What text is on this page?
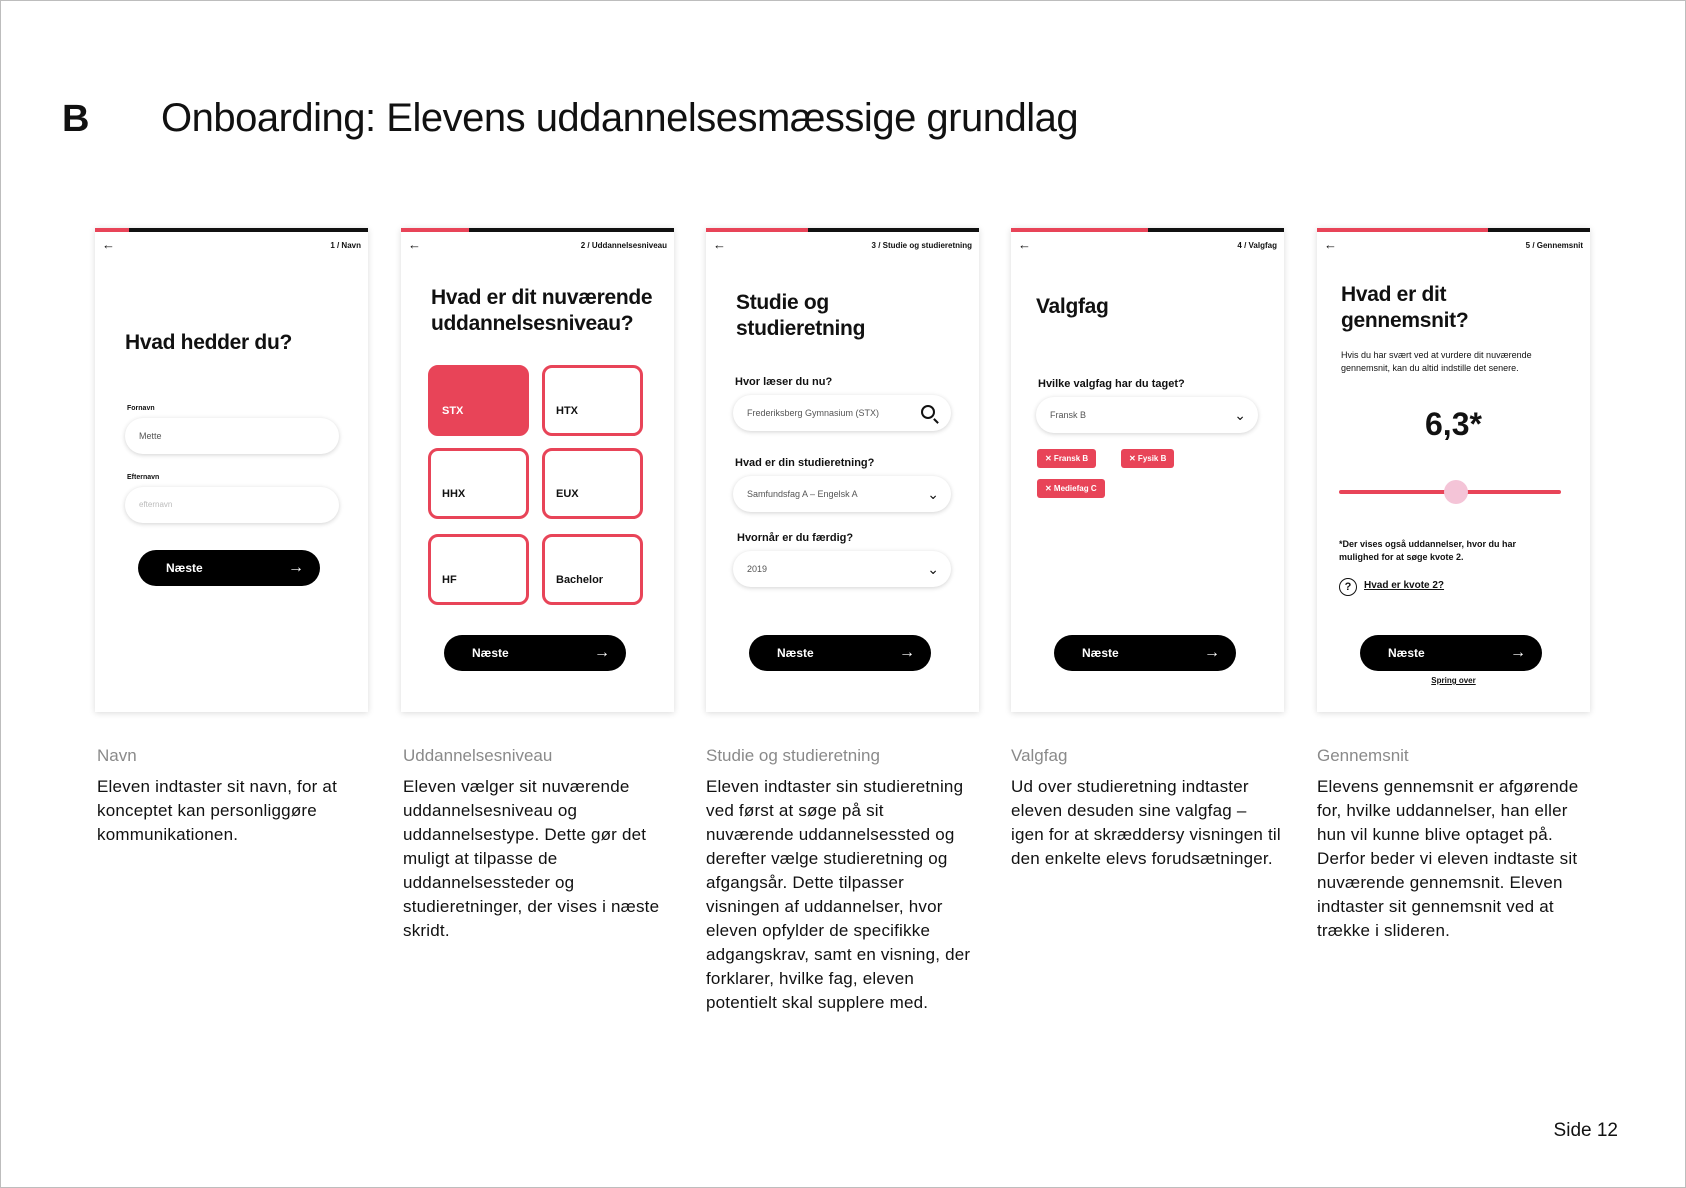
B Onboarding: Elevens uddannelsesmæssige grundlag
←	1 / Navn
Hvad hedder du?
Fornavn
Mette
Efternavn
efternavn
Næste	→
Navn
Eleven indtaster sit navn, for at konceptet kan personliggøre kommunikationen.
←	2 / Uddannelsesniveau
Hvad er dit nuværende
uddannelsesniveau?
STX	HTX
HHX	EUX
HF	Bachelor
Næste	→
Uddannelsesniveau
Eleven vælger sit nuværende uddannelsesniveau og uddannelsestype. Dette gør det muligt at tilpasse de uddannelsessteder og studieretninger, der vises i næste skridt.
←	3 / Studie og studieretning
Studie og
studieretning
Hvor læser du nu?
Frederiksberg Gymnasium (STX)
Hvad er din studieretning?
Samfundsfag A – Engelsk A	⌄
Hvornår er du færdig?
2019	⌄
Næste	→
Studie og studieretning
Eleven indtaster sin studieretning ved først at søge på sit nuværende uddannelsessted og derefter vælge studieretning og afgangsår. Dette tilpasser visningen af uddannelser, hvor eleven opfylder de specifikke adgangskrav, samt en visning, der forklarer, hvilke fag, eleven potentielt skal supplere med.
←	4 / Valgfag
Valgfag
Hvilke valgfag har du taget?
Fransk B	⌄
✕ Fransk B	✕ Fysik B
✕ Mediefag C
Næste	→
Valgfag
Ud over studieretning indtaster eleven desuden sine valgfag – igen for at skræddersy visningen til den enkelte elevs forudsætninger.
←	5 / Gennemsnit
Hvad er dit
gennemsnit?
Hvis du har svært ved at vurdere dit nuværende gennemsnit, kan du altid indstille det senere.
6,3*
*Der vises også uddannelser, hvor du har mulighed for at søge kvote 2.
?	Hvad er kvote 2?
Næste	→
Spring over
Gennemsnit
Elevens gennemsnit er afgørende for, hvilke uddannelser, han eller hun vil kunne blive optaget på. Derfor beder vi eleven indtaste sit nuværende gennemsnit. Eleven indtaster sit gennemsnit ved at trække i slideren.
Side 12
